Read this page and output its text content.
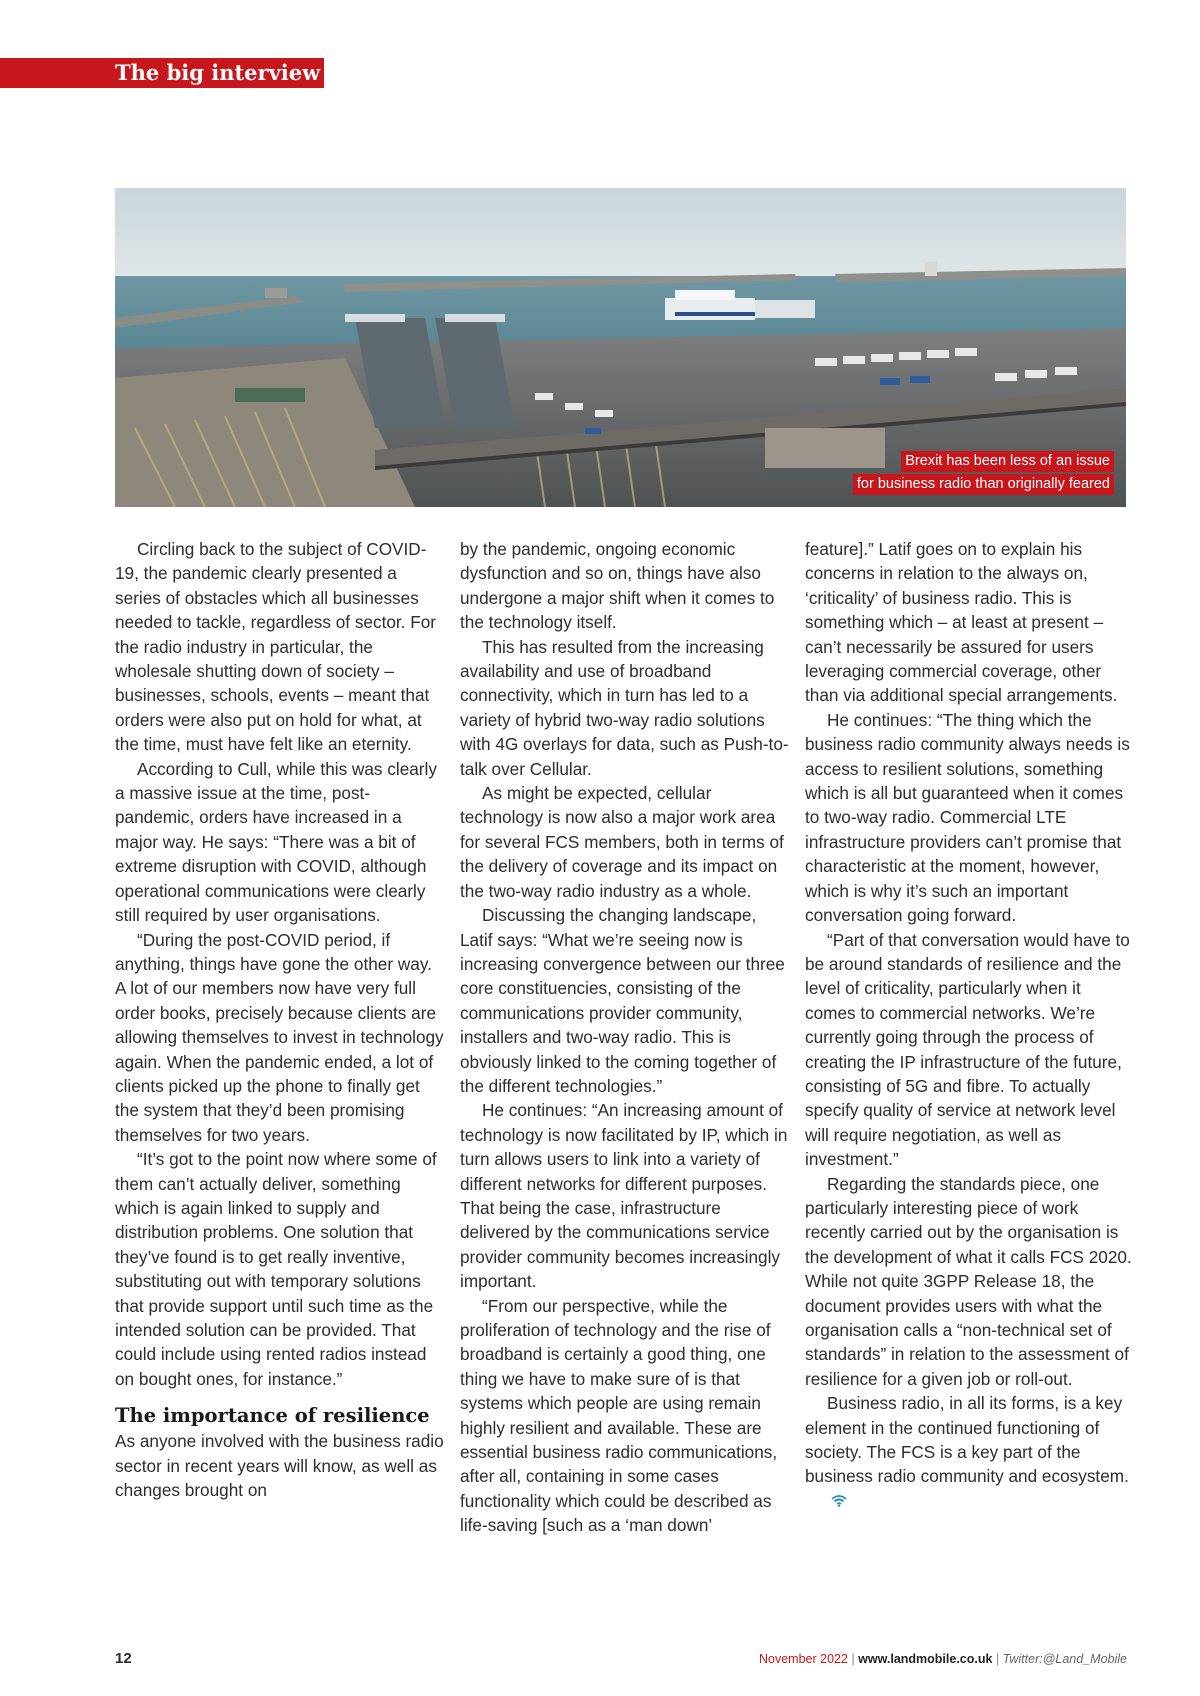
The big interview
Brexit has been less of an issue
for business radio than originally feared

Circling back to the subject of COVID-19, the pandemic clearly presented a series of obstacles which all businesses needed to tackle, regardless of sector. For the radio industry in particular, the wholesale shutting down of society – businesses, schools, events – meant that orders were also put on hold for what, at the time, must have felt like an eternity.

According to Cull, while this was clearly a massive issue at the time, post-pandemic, orders have increased in a major way. He says: “There was a bit of extreme disruption with COVID, although operational communications were clearly still required by user organisations.

“During the post-COVID period, if anything, things have gone the other way. A lot of our members now have very full order books, precisely because clients are allowing themselves to invest in technology again. When the pandemic ended, a lot of clients picked up the phone to finally get the system that they’d been promising themselves for two years.

“It’s got to the point now where some of them can’t actually deliver, something which is again linked to supply and distribution problems. One solution that they’ve found is to get really inventive, substituting out with temporary solutions that provide support until such time as the intended solution can be provided. That could include using rented radios instead on bought ones, for instance.”

The importance of resilience

As anyone involved with the business radio sector in recent years will know, as well as changes brought on

by the pandemic, ongoing economic dysfunction and so on, things have also undergone a major shift when it comes to the technology itself.

This has resulted from the increasing availability and use of broadband connectivity, which in turn has led to a variety of hybrid two-way radio solutions with 4G overlays for data, such as Push-to-talk over Cellular.

As might be expected, cellular technology is now also a major work area for several FCS members, both in terms of the delivery of coverage and its impact on the two-way radio industry as a whole.

Discussing the changing landscape, Latif says: “What we’re seeing now is increasing convergence between our three core constituencies, consisting of the communications provider community, installers and two-way radio. This is obviously linked to the coming together of the different technologies.”

He continues: “An increasing amount of technology is now facilitated by IP, which in turn allows users to link into a variety of different networks for different purposes.

That being the case, infrastructure delivered by the communications service provider community becomes increasingly important.

“From our perspective, while the proliferation of technology and the rise of broadband is certainly a good thing, one thing we have to make sure of is that systems which people are using remain highly resilient and available. These are essential business radio communications, after all, containing in some cases functionality which could be described as life-saving [such as a ‘man down’

feature].” Latif goes on to explain his concerns in relation to the always on, ‘criticality’ of business radio. This is something which – at least at present – can’t necessarily be assured for users leveraging commercial coverage, other than via additional special arrangements.

He continues: “The thing which the business radio community always needs is access to resilient solutions, something which is all but guaranteed when it comes to two-way radio. Commercial LTE infrastructure providers can’t promise that characteristic at the moment, however, which is why it’s such an important conversation going forward.

“Part of that conversation would have to be around standards of resilience and the level of criticality, particularly when it comes to commercial networks. We’re currently going through the process of creating the IP infrastructure of the future, consisting of 5G and fibre. To actually specify quality of service at network level will require negotiation, as well as investment.”

Regarding the standards piece, one particularly interesting piece of work recently carried out by the organisation is the development of what it calls FCS 2020. While not quite 3GPP Release 18, the document provides users with what the organisation calls a “non-technical set of standards” in relation to the assessment of resilience for a given job or roll-out.

Business radio, in all its forms, is a key element in the continued functioning of society. The FCS is a key part of the business radio community and ecosystem.

12	November 2022 | www.landmobile.co.uk | Twitter:@Land_Mobile
